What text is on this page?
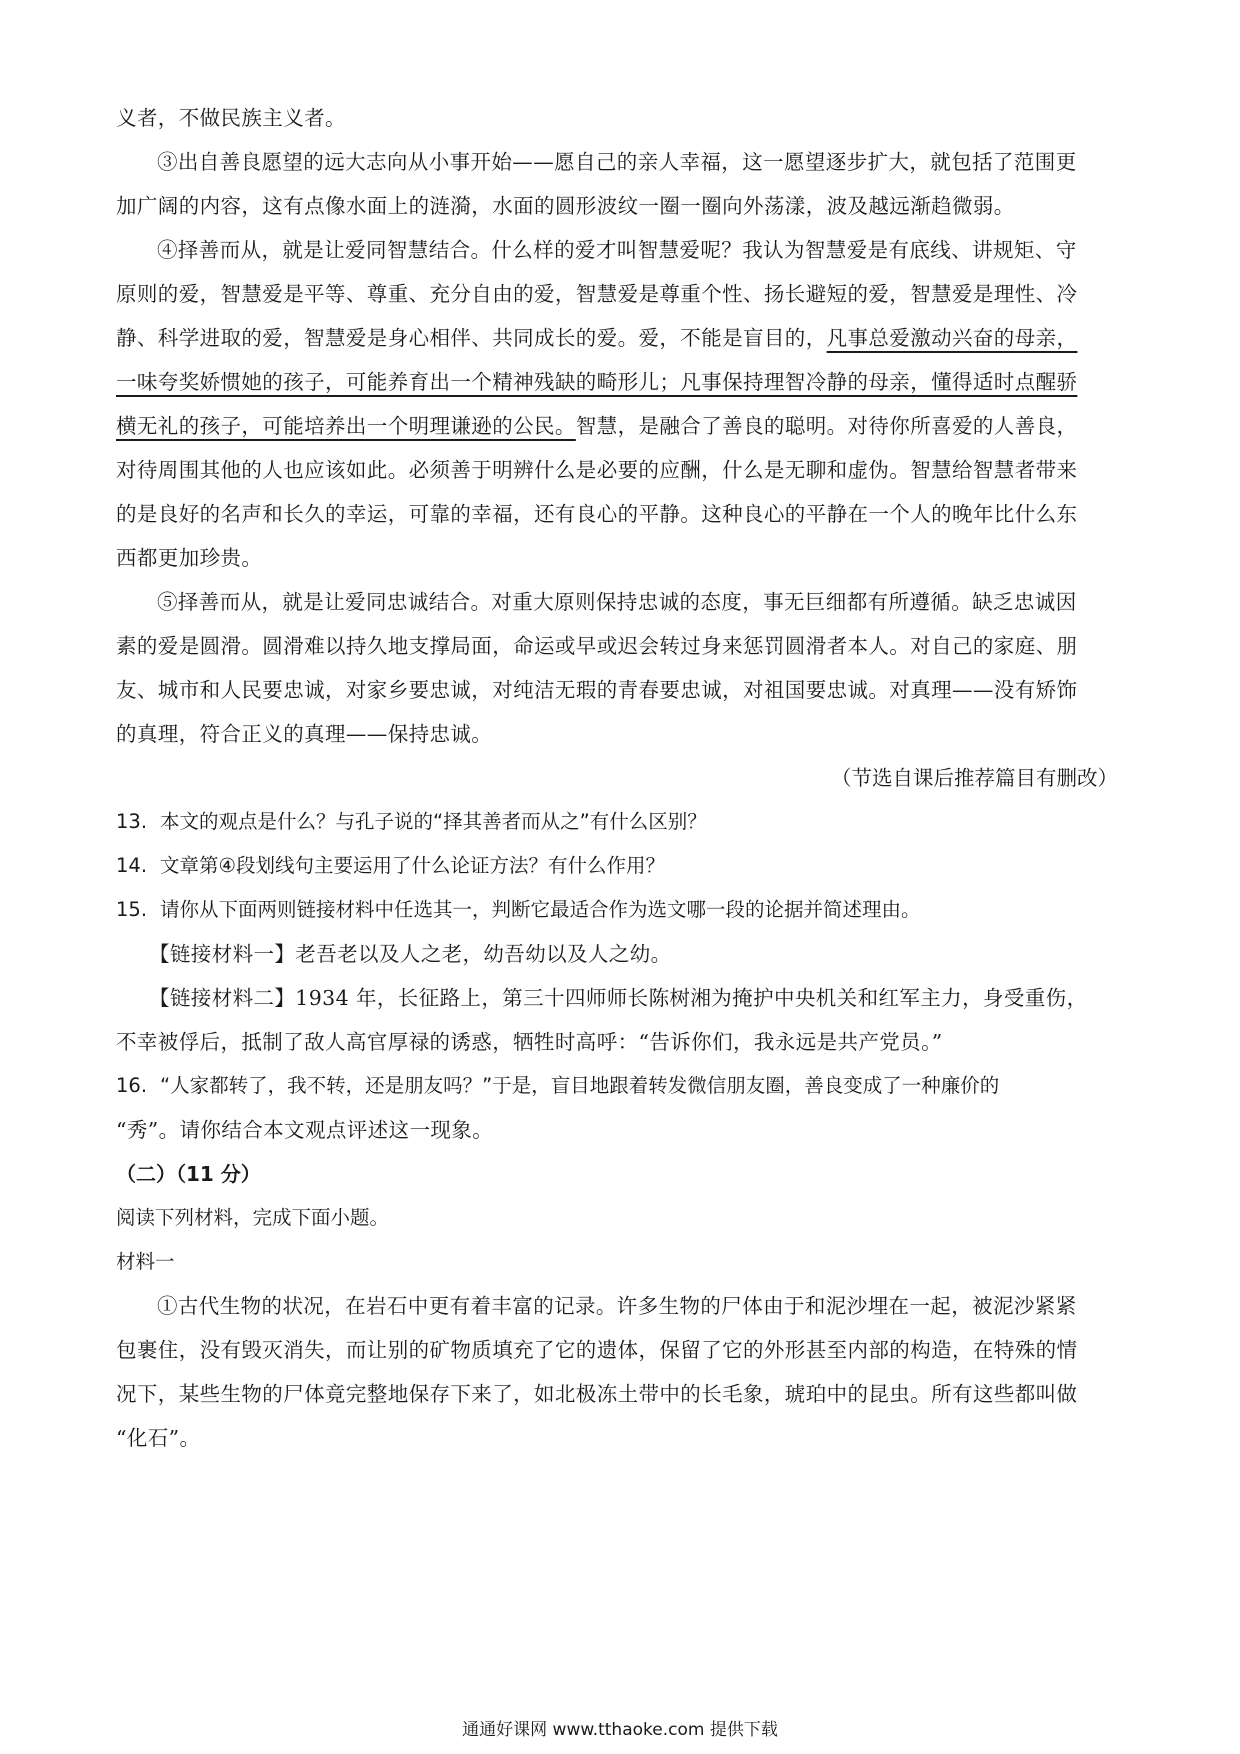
义者，不做民族主义者。
③出自善良愿望的远大志向从小事开始——愿自己的亲人幸福，这一愿望逐步扩大，就包括了范围更
加广阔的内容，这有点像水面上的涟漪，水面的圆形波纹一圈一圈向外荡漾，波及越远渐趋微弱。
④择善而从，就是让爱同智慧结合。什么样的爱才叫智慧爱呢？我认为智慧爱是有底线、讲规矩、守
原则的爱，智慧爱是平等、尊重、充分自由的爱，智慧爱是尊重个性、扬长避短的爱，智慧爱是理性、冷
静、科学进取的爱，智慧爱是身心相伴、共同成长的爱。爱，不能是盲目的，凡事总爱激动兴奋的母亲，
一味夸奖娇惯她的孩子，可能养育出一个精神残缺的畸形儿；凡事保持理智冷静的母亲，懂得适时点醒骄
横无礼的孩子，可能培养出一个明理谦逊的公民。智慧，是融合了善良的聪明。对待你所喜爱的人善良，
对待周围其他的人也应该如此。必须善于明辨什么是必要的应酬，什么是无聊和虚伪。智慧给智慧者带来
的是良好的名声和长久的幸运，可靠的幸福，还有良心的平静。这种良心的平静在一个人的晚年比什么东
西都更加珍贵。
⑤择善而从，就是让爱同忠诚结合。对重大原则保持忠诚的态度，事无巨细都有所遵循。缺乏忠诚因
素的爱是圆滑。圆滑难以持久地支撑局面，命运或早或迟会转过身来惩罚圆滑者本人。对自己的家庭、朋
友、城市和人民要忠诚，对家乡要忠诚，对纯洁无瑕的青春要忠诚，对祖国要忠诚。对真理——没有矫饰
的真理，符合正义的真理——保持忠诚。
（节选自课后推荐篇目有删改）
13. 本文的观点是什么？与孔子说的“择其善者而从之”有什么区别？
14. 文章第④段划线句主要运用了什么论证方法？有什么作用？
15. 请你从下面两则链接材料中任选其一，判断它最适合作为选文哪一段的论据并简述理由。
【链接材料一】老吾老以及人之老，幼吾幼以及人之幼。
【链接材料二】1934 年，长征路上，第三十四师师长陈树湘为掩护中央机关和红军主力，身受重伤，
不幸被俘后，抵制了敌人高官厚禄的诱惑，牺牲时高呼：“告诉你们，我永远是共产党员。”
16. “人家都转了，我不转，还是朋友吗？”于是，盲目地跟着转发微信朋友圈，善良变成了一种廉价的
“秀”。请你结合本文观点评述这一现象。
（二）（11 分）
阅读下列材料，完成下面小题。
材料一
①古代生物的状况，在岩石中更有着丰富的记录。许多生物的尸体由于和泥沙埋在一起，被泥沙紧紧
包裹住，没有毁灭消失，而让别的矿物质填充了它的遗体，保留了它的外形甚至内部的构造，在特殊的情
况下，某些生物的尸体竟完整地保存下来了，如北极冻土带中的长毛象，琥珀中的昆虫。所有这些都叫做
“化石”。
通通好课网 www.tthaoke.com 提供下载
